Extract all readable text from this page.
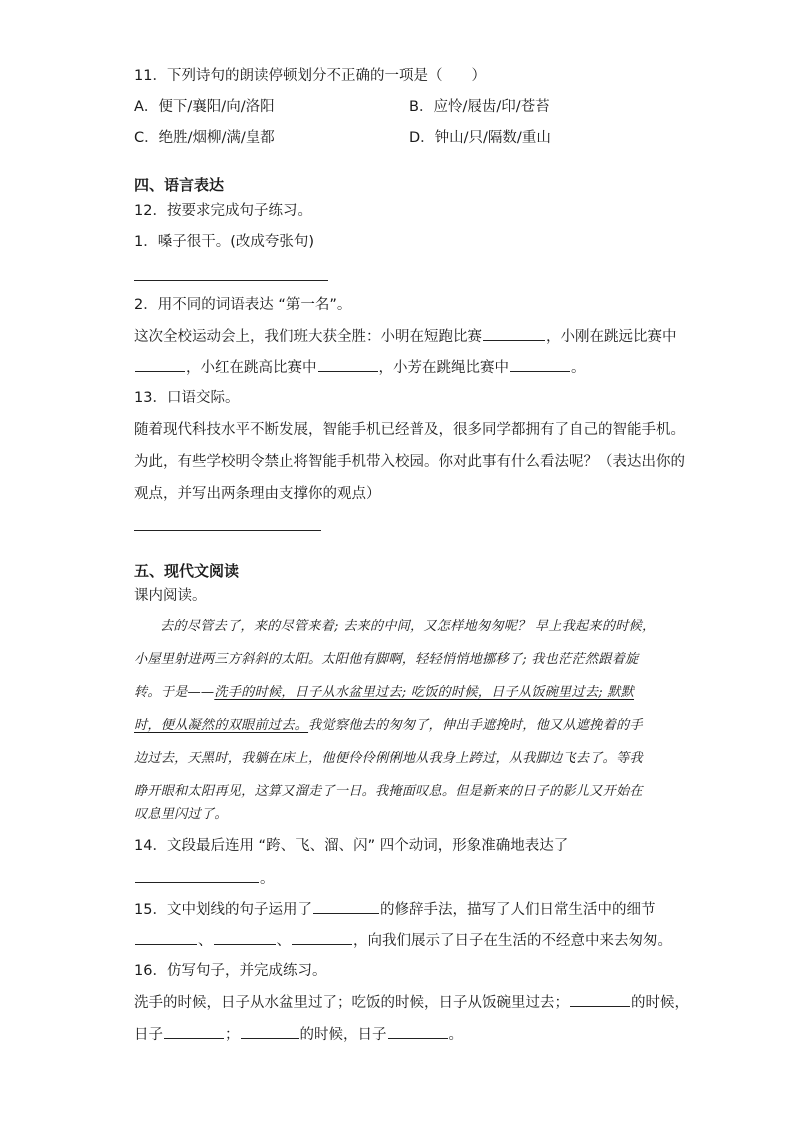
11．下列诗句的朗读停顿划分不正确的一项是（　　）
A．便下/襄阳/向/洛阳	B．应怜/屐齿/印/苍苔
C．绝胜/烟柳/满/皇都	D．钟山/只/隔数/重山
四、语言表达
12．按要求完成句子练习。
1．嗓子很干。(改成夸张句)
2．用不同的词语表达 “第一名”。
这次全校运动会上，我们班大获全胜：小明在短跑比赛	，小刚在跳远比赛中
，小红在跳高比赛中	，小芳在跳绳比赛中	。
13．口语交际。
随着现代科技水平不断发展，智能手机已经普及，很多同学都拥有了自己的智能手机。
为此，有些学校明令禁止将智能手机带入校园。你对此事有什么看法呢？（表达出你的
观点，并写出两条理由支撑你的观点）
五、现代文阅读
课内阅读。
去的尽管去了，来的尽管来着; 去来的中间，又怎样地匆匆呢？ 早上我起来的时候，
小屋里射进两三方斜斜的太阳。太阳他有脚啊，轻轻悄悄地挪移了; 我也茫茫然跟着旋
转。于是——洗手的时候，日子从水盆里过去; 吃饭的时候，日子从饭碗里过去; 默默
时，便从凝然的双眼前过去。我觉察他去的匆匆了，伸出手遮挽时，他又从遮挽着的手
边过去，天黑时，我躺在床上，他便伶伶俐俐地从我身上跨过，从我脚边飞去了。等我
睁开眼和太阳再见，这算又溜走了一日。我掩面叹息。但是新来的日子的影儿又开始在
叹息里闪过了。
14．文段最后连用 “跨、飞、溜、闪” 四个动词，形象准确地表达了
。
15．文中划线的句子运用了	的修辞手法，描写了人们日常生活中的细节
、	、	，向我们展示了日子在生活的不经意中来去匆匆。
16．仿写句子，并完成练习。
洗手的时候，日子从水盆里过了；吃饭的时候，日子从饭碗里过去；	的时候，
日子	；	的时候，日子	。
